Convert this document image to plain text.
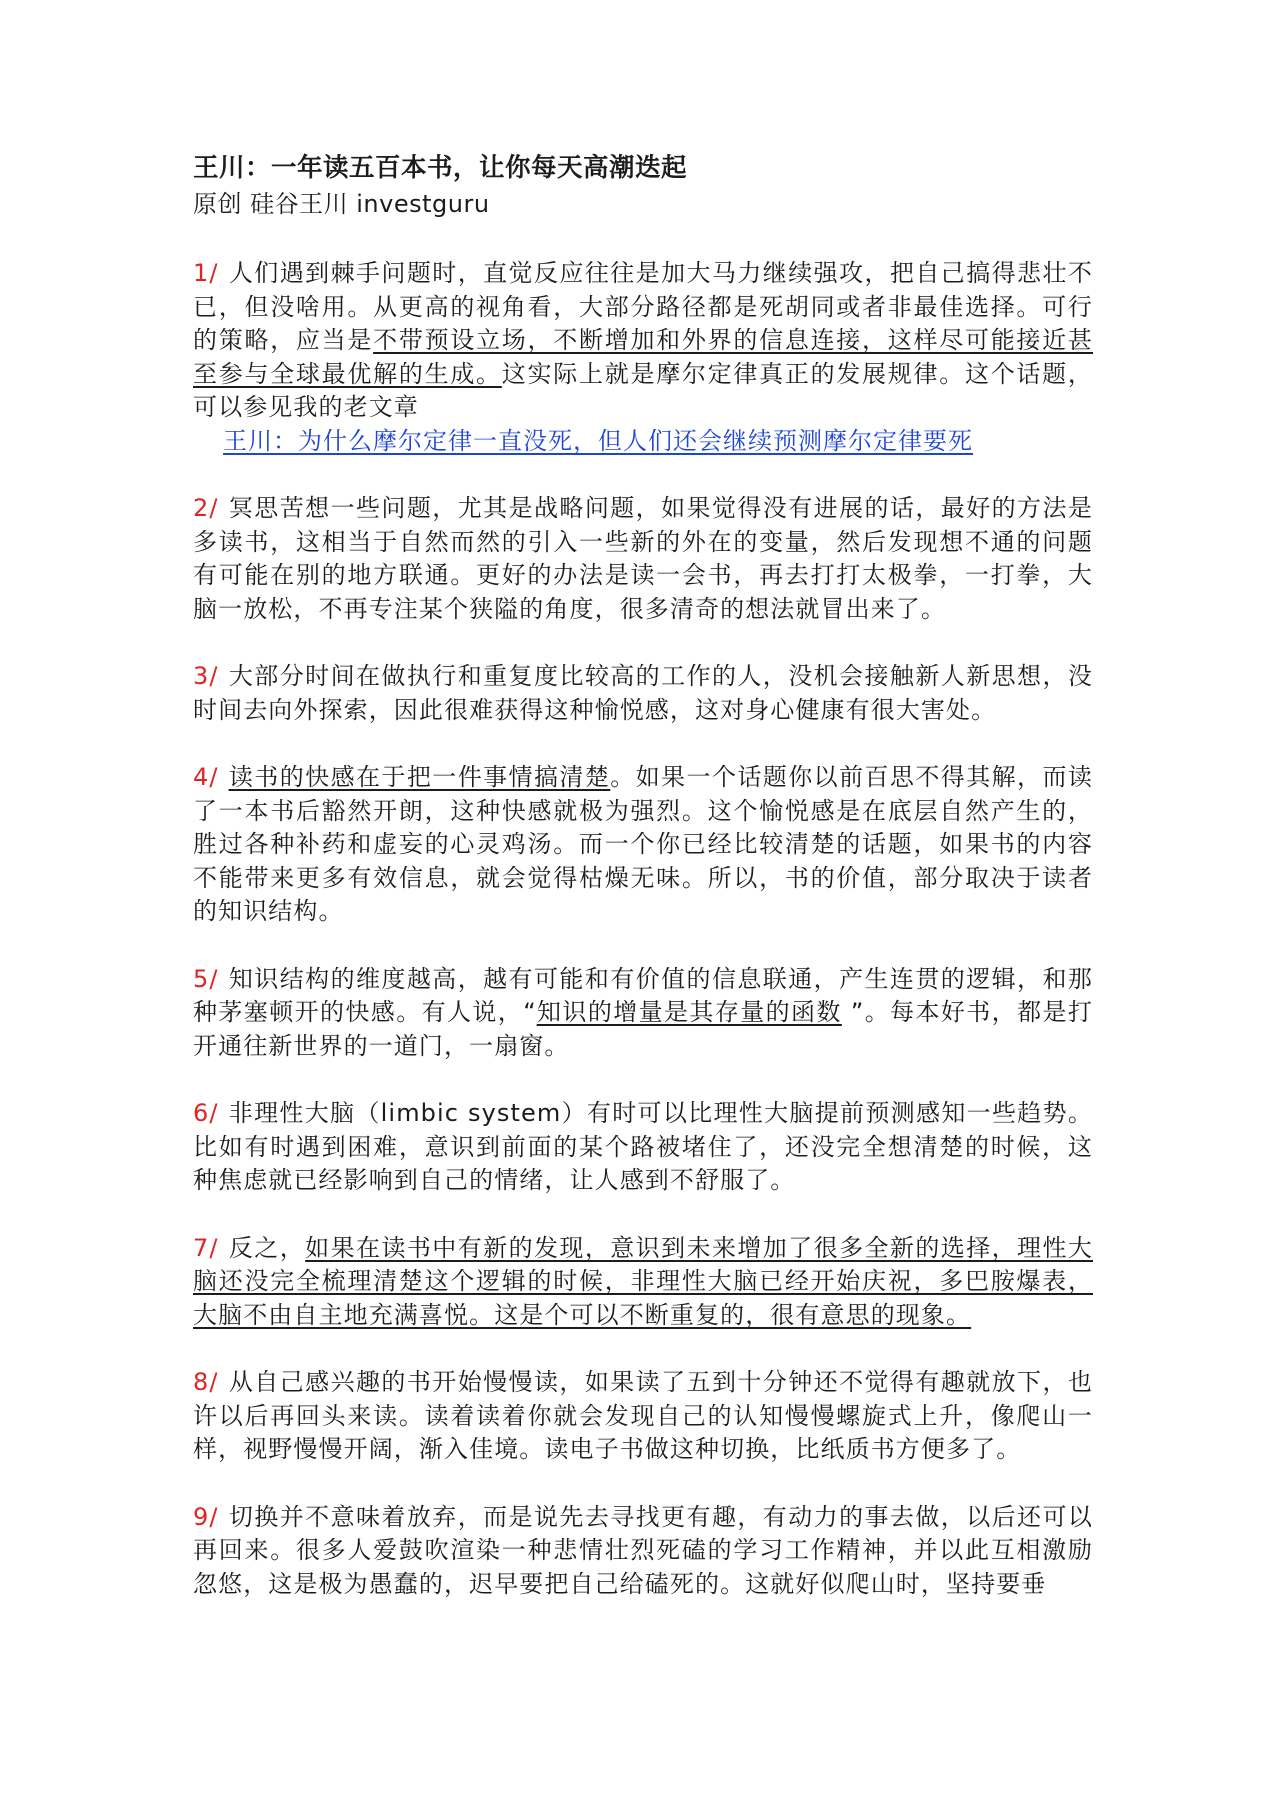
王川：一年读五百本书，让你每天高潮迭起
原创 硅谷王川 investguru

1/ 人们遇到棘手问题时，直觉反应往往是加大马力继续强攻，把自己搞得悲壮不已，但没啥用。从更高的视角看，大部分路径都是死胡同或者非最佳选择。可行的策略，应当是不带预设立场，不断增加和外界的信息连接，这样尽可能接近甚至参与全球最优解的生成。这实际上就是摩尔定律真正的发展规律。这个话题，可以参见我的老文章
王川：为什么摩尔定律一直没死，但人们还会继续预测摩尔定律要死

2/ 冥思苦想一些问题，尤其是战略问题，如果觉得没有进展的话，最好的方法是多读书，这相当于自然而然的引入一些新的外在的变量，然后发现想不通的问题有可能在别的地方联通。更好的办法是读一会书，再去打打太极拳，一打拳，大脑一放松，不再专注某个狭隘的角度，很多清奇的想法就冒出来了。

3/ 大部分时间在做执行和重复度比较高的工作的人，没机会接触新人新思想，没时间去向外探索，因此很难获得这种愉悦感，这对身心健康有很大害处。

4/ 读书的快感在于把一件事情搞清楚。如果一个话题你以前百思不得其解，而读了一本书后豁然开朗，这种快感就极为强烈。这个愉悦感是在底层自然产生的，胜过各种补药和虚妄的心灵鸡汤。而一个你已经比较清楚的话题，如果书的内容不能带来更多有效信息，就会觉得枯燥无味。所以，书的价值，部分取决于读者的知识结构。

5/ 知识结构的维度越高，越有可能和有价值的信息联通，产生连贯的逻辑，和那种茅塞顿开的快感。有人说，“知识的增量是其存量的函数 ”。每本好书，都是打开通往新世界的一道门，一扇窗。

6/ 非理性大脑（limbic system）有时可以比理性大脑提前预测感知一些趋势。比如有时遇到困难，意识到前面的某个路被堵住了，还没完全想清楚的时候，这种焦虑就已经影响到自己的情绪，让人感到不舒服了。

7/ 反之，如果在读书中有新的发现，意识到未来增加了很多全新的选择，理性大脑还没完全梳理清楚这个逻辑的时候，非理性大脑已经开始庆祝，多巴胺爆表，大脑不由自主地充满喜悦。这是个可以不断重复的，很有意思的现象。

8/ 从自己感兴趣的书开始慢慢读，如果读了五到十分钟还不觉得有趣就放下，也许以后再回头来读。读着读着你就会发现自己的认知慢慢螺旋式上升，像爬山一样，视野慢慢开阔，渐入佳境。读电子书做这种切换，比纸质书方便多了。

9/ 切换并不意味着放弃，而是说先去寻找更有趣，有动力的事去做，以后还可以再回来。很多人爱鼓吹渲染一种悲情壮烈死磕的学习工作精神，并以此互相激励忽悠，这是极为愚蠢的，迟早要把自己给磕死的。这就好似爬山时，坚持要垂
